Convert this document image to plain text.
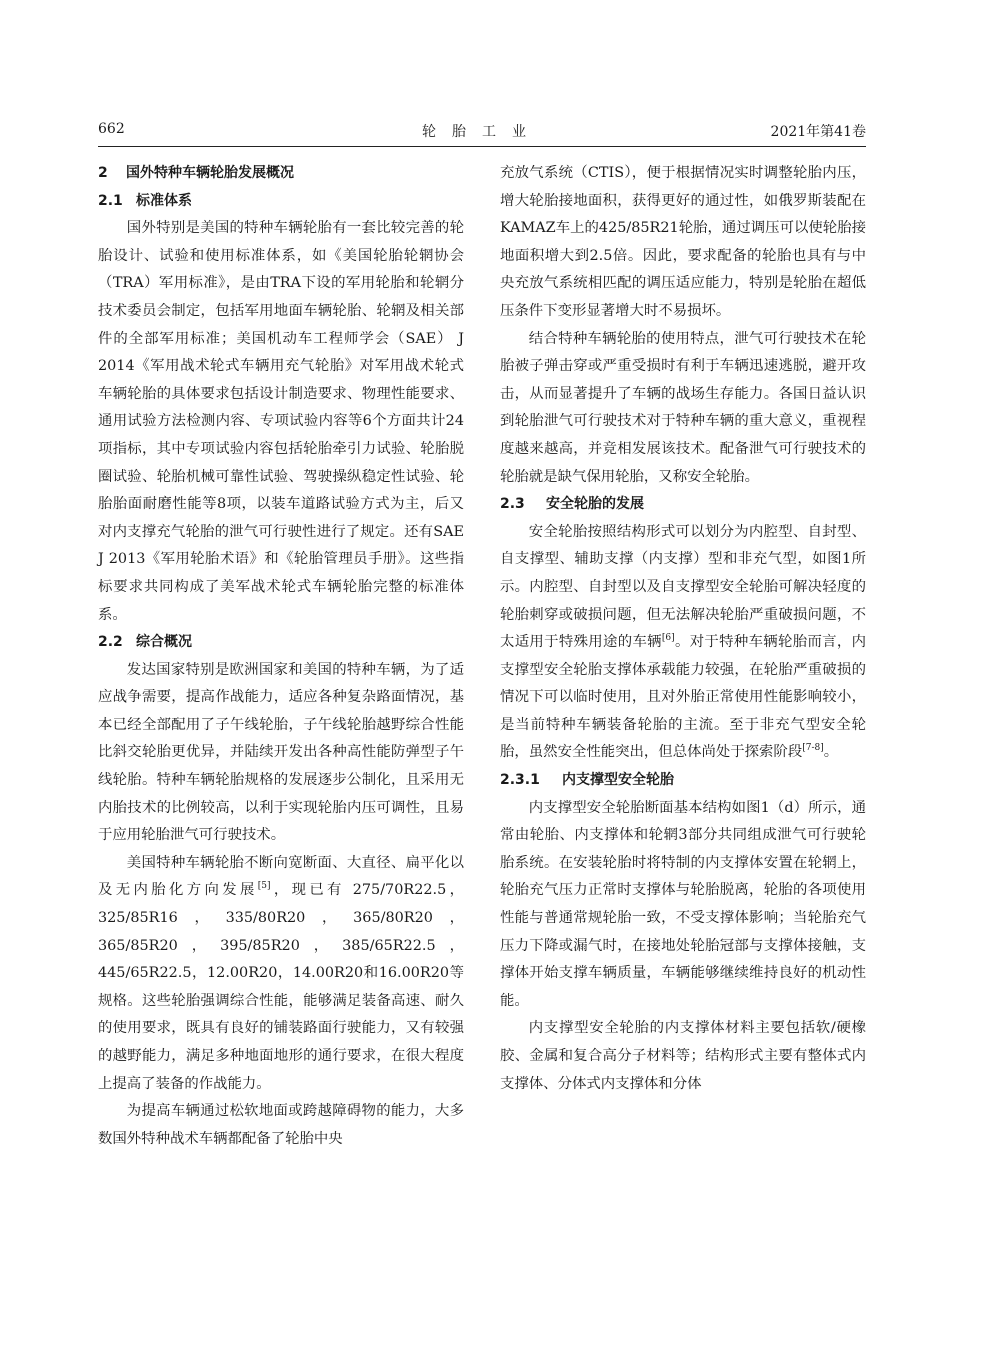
662	轮胎工业	2021年第41卷
2 国外特种车辆轮胎发展概况
2.1 标准体系

国外特别是美国的特种车辆轮胎有一套比较完善的轮胎设计、试验和使用标准体系，如《美国轮胎轮辋协会（TRA）军用标准》，是由TRA下设的军用轮胎和轮辋分技术委员会制定，包括军用地面车辆轮胎、轮辋及相关部件的全部军用标准；美国机动车工程师学会（SAE） J 2014《军用战术轮式车辆用充气轮胎》对军用战术轮式车辆轮胎的具体要求包括设计制造要求、物理性能要求、通用试验方法检测内容、专项试验内容等6个方面共计24项指标，其中专项试验内容包括轮胎牵引力试验、轮胎脱圈试验、轮胎机械可靠性试验、驾驶操纵稳定性试验、轮胎胎面耐磨性能等8项，以装车道路试验方式为主，后又对内支撑充气轮胎的泄气可行驶性进行了规定。还有SAE J 2013《军用轮胎术语》和《轮胎管理员手册》。这些指标要求共同构成了美军战术轮式车辆轮胎完整的标准体系。

2.2 综合概况

发达国家特别是欧洲国家和美国的特种车辆，为了适应战争需要，提高作战能力，适应各种复杂路面情况，基本已经全部配用了子午线轮胎，子午线轮胎越野综合性能比斜交轮胎更优异，并陆续开发出各种高性能防弹型子午线轮胎。特种车辆轮胎规格的发展逐步公制化，且采用无内胎技术的比例较高，以利于实现轮胎内压可调性，且易于应用轮胎泄气可行驶技术。

美国特种车辆轮胎不断向宽断面、大直径、扁平化以及无内胎化方向发展[5]，现已有 275/70R22.5，325/85R16，335/80R20，365/80R20，365/85R20，395/85R20，385/65R22.5，445/65R22.5，12.00R20，14.00R20和16.00R20等规格。这些轮胎强调综合性能，能够满足装备高速、耐久的使用要求，既具有良好的铺装路面行驶能力，又有较强的越野能力，满足多种地面地形的通行要求，在很大程度上提高了装备的作战能力。

为提高车辆通过松软地面或跨越障碍物的能力，大多数国外特种战术车辆都配备了轮胎中央

充放气系统（CTIS），便于根据情况实时调整轮胎内压，增大轮胎接地面积，获得更好的通过性，如俄罗斯装配在KAMAZ车上的425/85R21轮胎，通过调压可以使轮胎接地面积增大到2.5倍。因此，要求配备的轮胎也具有与中央充放气系统相匹配的调压适应能力，特别是轮胎在超低压条件下变形显著增大时不易损坏。

结合特种车辆轮胎的使用特点，泄气可行驶技术在轮胎被子弹击穿或严重受损时有利于车辆迅速逃脱，避开攻击，从而显著提升了车辆的战场生存能力。各国日益认识到轮胎泄气可行驶技术对于特种车辆的重大意义，重视程度越来越高，并竞相发展该技术。配备泄气可行驶技术的轮胎就是缺气保用轮胎，又称安全轮胎。

2.3 安全轮胎的发展

安全轮胎按照结构形式可以划分为内腔型、自封型、自支撑型、辅助支撑（内支撑）型和非充气型，如图1所示。内腔型、自封型以及自支撑型安全轮胎可解决轻度的轮胎刺穿或破损问题，但无法解决轮胎严重破损问题，不太适用于特殊用途的车辆[6]。对于特种车辆轮胎而言，内支撑型安全轮胎支撑体承载能力较强，在轮胎严重破损的情况下可以临时使用，且对外胎正常使用性能影响较小，是当前特种车辆装备轮胎的主流。至于非充气型安全轮胎，虽然安全性能突出，但总体尚处于探索阶段[7-8]。

2.3.1 内支撑型安全轮胎

内支撑型安全轮胎断面基本结构如图1（d）所示，通常由轮胎、内支撑体和轮辋3部分共同组成泄气可行驶轮胎系统。在安装轮胎时将特制的内支撑体安置在轮辋上，轮胎充气压力正常时支撑体与轮胎脱离，轮胎的各项使用性能与普通常规轮胎一致，不受支撑体影响；当轮胎充气压力下降或漏气时，在接地处轮胎冠部与支撑体接触，支撑体开始支撑车辆质量，车辆能够继续维持良好的机动性能。

内支撑型安全轮胎的内支撑体材料主要包括软/硬橡胶、金属和复合高分子材料等；结构形式主要有整体式内支撑体、分体式内支撑体和分体
